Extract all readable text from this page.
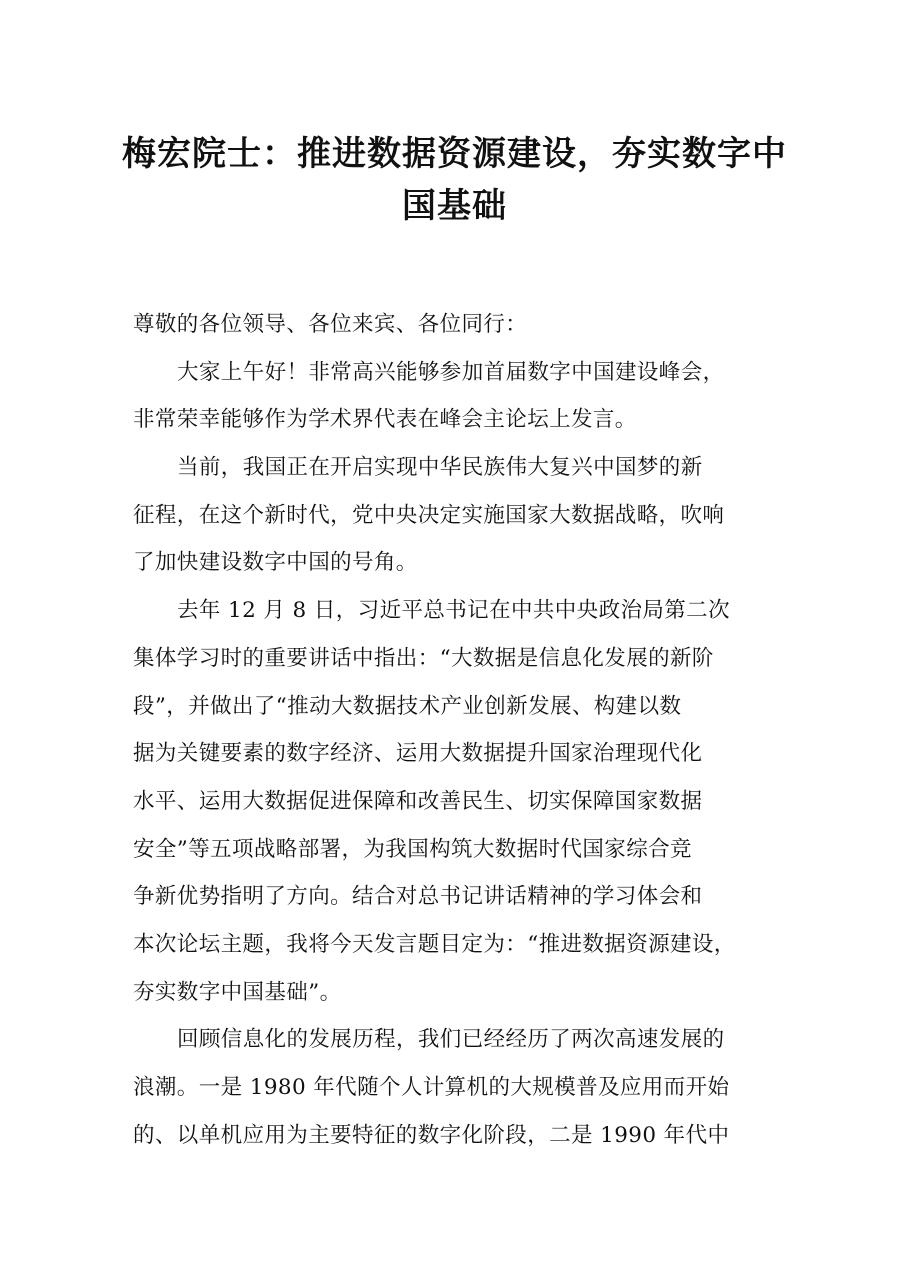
梅宏院士：推进数据资源建设，夯实数字中
国基础
尊敬的各位领导、各位来宾、各位同行：
大家上午好！非常高兴能够参加首届数字中国建设峰会，
非常荣幸能够作为学术界代表在峰会主论坛上发言。
当前，我国正在开启实现中华民族伟大复兴中国梦的新
征程，在这个新时代，党中央决定实施国家大数据战略，吹响
了加快建设数字中国的号角。
去年 12 月 8 日，习近平总书记在中共中央政治局第二次
集体学习时的重要讲话中指出：“大数据是信息化发展的新阶
段”，并做出了“推动大数据技术产业创新发展、构建以数
据为关键要素的数字经济、运用大数据提升国家治理现代化
水平、运用大数据促进保障和改善民生、切实保障国家数据
安全”等五项战略部署，为我国构筑大数据时代国家综合竞
争新优势指明了方向。结合对总书记讲话精神的学习体会和
本次论坛主题，我将今天发言题目定为：“推进数据资源建设，
夯实数字中国基础”。
回顾信息化的发展历程，我们已经经历了两次高速发展的
浪潮。一是 1980 年代随个人计算机的大规模普及应用而开始
的、以单机应用为主要特征的数字化阶段，二是 1990 年代中
